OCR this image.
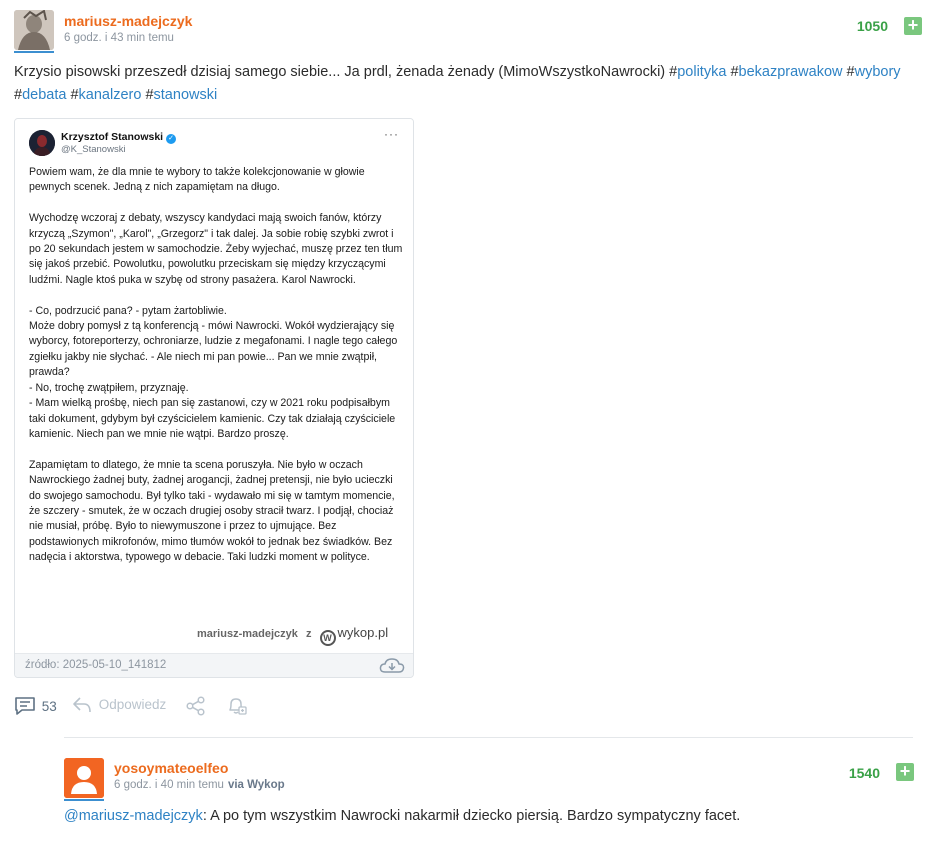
mariusz-madejczyk
6 godz. i 43 min temu
1050 +
Krzysio pisowski przeszedł dzisiaj samego siebie... Ja prdl, żenada żenady (MimoWszystkoNawrocki) #polityka #bekazprawakow #wybory #debata #kanalzero #stanowski
Krzysztof Stanowski ✓
@K_Stanowski
···
Powiem wam, że dla mnie te wybory to także kolekcjonowanie w głowie pewnych scenek. Jedną z nich zapamiętam na długo.

Wychodzę wczoraj z debaty, wszyscy kandydaci mają swoich fanów, którzy krzyczą „Szymon", „Karol", „Grzegorz" i tak dalej. Ja sobie robię szybki zwrot i po 20 sekundach jestem w samochodzie. Żeby wyjechać, muszę przez ten tłum się jakoś przebić. Powolutku, powolutku przeciskam się między krzyczącymi ludźmi. Nagle ktoś puka w szybę od strony pasażera. Karol Nawrocki.

- Co, podrzucić pana? - pytam żartobliwie.
Może dobry pomysł z tą konferencją - mówi Nawrocki. Wokół wydzierający się wyborcy, fotoreporterzy, ochroniarze, ludzie z megafonami. I nagle tego całego zgiełku jakby nie słychać. - Ale niech mi pan powie... Pan we mnie zwątpił, prawda?
- No, trochę zwątpiłem, przyznaję.
- Mam wielką prośbę, niech pan się zastanowi, czy w 2021 roku podpisałbym taki dokument, gdybym był czyścicielem kamienic. Czy tak działają czyściciele kamienic. Niech pan we mnie nie wątpi. Bardzo proszę.

Zapamiętam to dlatego, że mnie ta scena poruszyła. Nie było w oczach Nawrockiego żadnej buty, żadnej arogancji, żadnej pretensji, nie było ucieczki do swojego samochodu. Był tylko taki - wydawało mi się w tamtym momencie, że szczery - smutek, że w oczach drugiej osoby stracił twarz. I podjął, chociaż nie musiał, próbę. Było to niewymuszone i przez to ujmujące. Bez podstawionych mikrofonów, mimo tłumów wokół to jednak bez świadków. Bez nadęcia i aktorstwa, typowego w debacie. Taki ludzki moment w polityce.
mariusz-madejczyk z W wykop.pl
źródło: 2025-05-10_141812
53	Odpowiedz
yosoymateoelfeo
6 godz. i 40 min temu via Wykop
1540 +
@mariusz-madejczyk: A po tym wszystkim Nawrocki nakarmił dziecko piersią. Bardzo sympatyczny facet.
